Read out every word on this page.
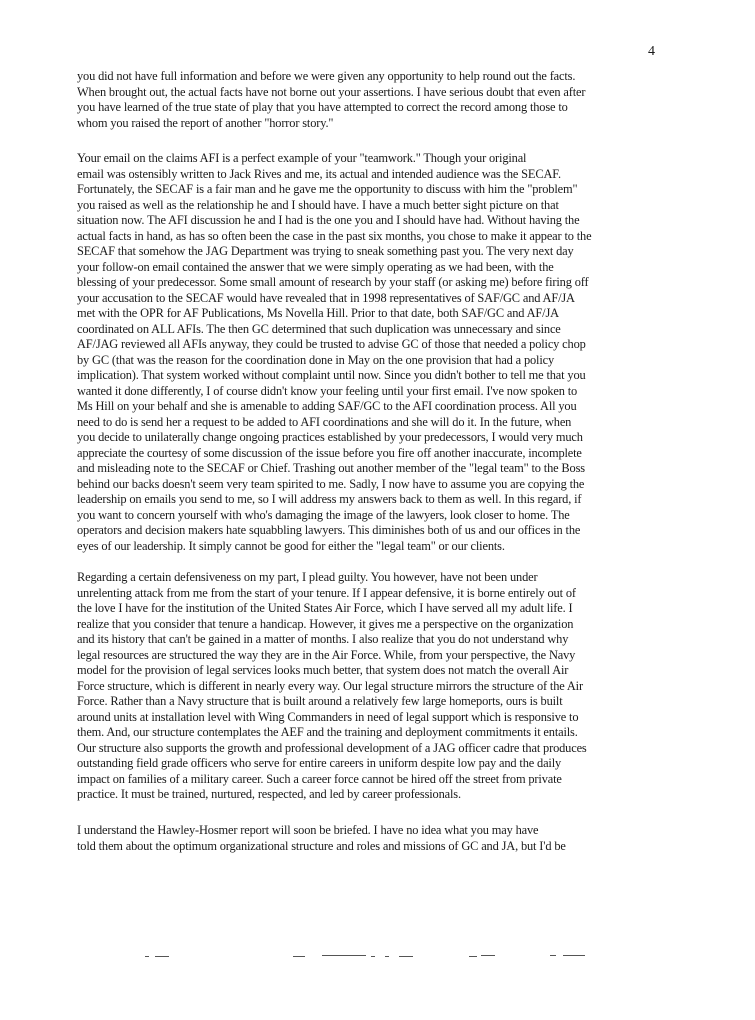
4

you did not have full information and before we were given any opportunity to help round out the facts.
When brought out, the actual facts have not borne out your assertions. I have serious doubt that even after
you have learned of the true state of play that you have attempted to correct the record among those to
whom you raised the report of another "horror story."

Your email on the claims AFI is a perfect example of your "teamwork." Though your original
email was ostensibly written to Jack Rives and me, its actual and intended audience was the SECAF.
Fortunately, the SECAF is a fair man and he gave me the opportunity to discuss with him the "problem"
you raised as well as the relationship he and I should have. I have a much better sight picture on that
situation now. The AFI discussion he and I had is the one you and I should have had. Without having the
actual facts in hand, as has so often been the case in the past six months, you chose to make it appear to the
SECAF that somehow the JAG Department was trying to sneak something past you. The very next day
your follow-on email contained the answer that we were simply operating as we had been, with the
blessing of your predecessor. Some small amount of research by your staff (or asking me) before firing off
your accusation to the SECAF would have revealed that in 1998 representatives of SAF/GC and AF/JA
met with the OPR for AF Publications, Ms Novella Hill. Prior to that date, both SAF/GC and AF/JA
coordinated on ALL AFIs. The then GC determined that such duplication was unnecessary and since
AF/JAG reviewed all AFIs anyway, they could be trusted to advise GC of those that needed a policy chop
by GC (that was the reason for the coordination done in May on the one provision that had a policy
implication). That system worked without complaint until now. Since you didn't bother to tell me that you
wanted it done differently, I of course didn't know your feeling until your first email. I've now spoken to
Ms Hill on your behalf and she is amenable to adding SAF/GC to the AFI coordination process. All you
need to do is send her a request to be added to AFI coordinations and she will do it. In the future, when
you decide to unilaterally change ongoing practices established by your predecessors, I would very much
appreciate the courtesy of some discussion of the issue before you fire off another inaccurate, incomplete
and misleading note to the SECAF or Chief. Trashing out another member of the "legal team" to the Boss
behind our backs doesn't seem very team spirited to me. Sadly, I now have to assume you are copying the
leadership on emails you send to me, so I will address my answers back to them as well. In this regard, if
you want to concern yourself with who's damaging the image of the lawyers, look closer to home. The
operators and decision makers hate squabbling lawyers. This diminishes both of us and our offices in the
eyes of our leadership. It simply cannot be good for either the "legal team" or our clients.

Regarding a certain defensiveness on my part, I plead guilty. You however, have not been under
unrelenting attack from me from the start of your tenure. If I appear defensive, it is borne entirely out of
the love I have for the institution of the United States Air Force, which I have served all my adult life. I
realize that you consider that tenure a handicap. However, it gives me a perspective on the organization
and its history that can't be gained in a matter of months. I also realize that you do not understand why
legal resources are structured the way they are in the Air Force. While, from your perspective, the Navy
model for the provision of legal services looks much better, that system does not match the overall Air
Force structure, which is different in nearly every way. Our legal structure mirrors the structure of the Air
Force. Rather than a Navy structure that is built around a relatively few large homeports, ours is built
around units at installation level with Wing Commanders in need of legal support which is responsive to
them. And, our structure contemplates the AEF and the training and deployment commitments it entails.
Our structure also supports the growth and professional development of a JAG officer cadre that produces
outstanding field grade officers who serve for entire careers in uniform despite low pay and the daily
impact on families of a military career. Such a career force cannot be hired off the street from private
practice. It must be trained, nurtured, respected, and led by career professionals.

I understand the Hawley-Hosmer report will soon be briefed. I have no idea what you may have
told them about the optimum organizational structure and roles and missions of GC and JA, but I'd be
